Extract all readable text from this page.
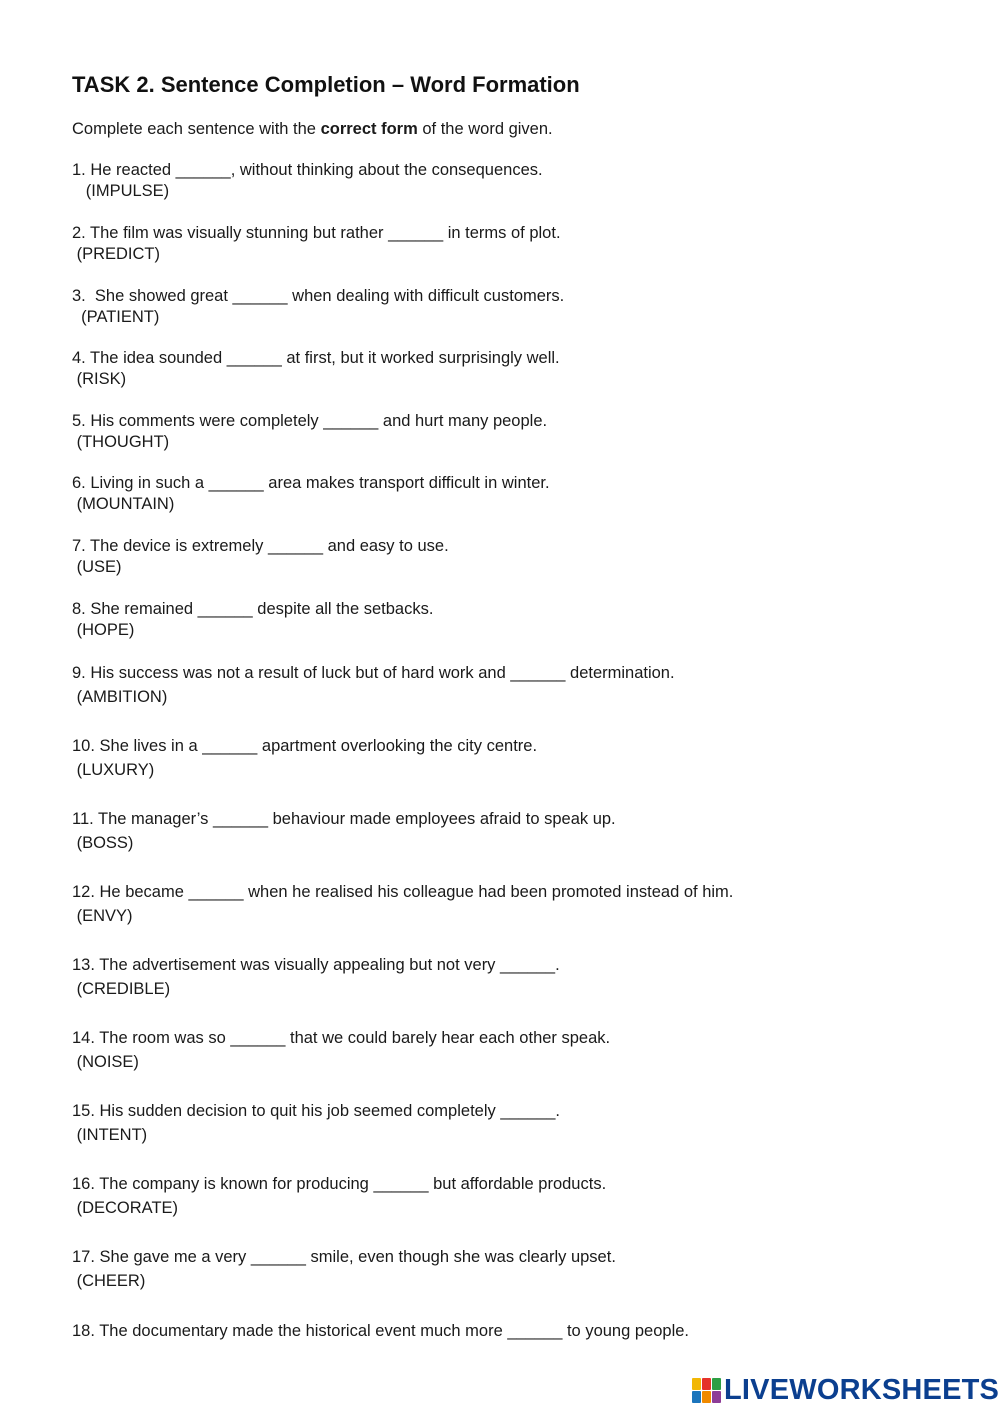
TASK 2. Sentence Completion – Word Formation

Complete each sentence with the correct form of the word given.

1. He reacted ______, without thinking about the consequences.
(IMPULSE)
2. The film was visually stunning but rather ______ in terms of plot.
(PREDICT)
3.  She showed great ______ when dealing with difficult customers.
(PATIENT)
4. The idea sounded ______ at first, but it worked surprisingly well.
(RISK)
5. His comments were completely ______ and hurt many people.
(THOUGHT)
6. Living in such a ______ area makes transport difficult in winter.
(MOUNTAIN)
7. The device is extremely ______ and easy to use.
(USE)
8. She remained ______ despite all the setbacks.
(HOPE)
9. His success was not a result of luck but of hard work and ______ determination.
(AMBITION)
10. She lives in a ______ apartment overlooking the city centre.
(LUXURY)
11. The manager’s ______ behaviour made employees afraid to speak up.
(BOSS)
12. He became ______ when he realised his colleague had been promoted instead of him.
(ENVY)
13. The advertisement was visually appealing but not very ______.
(CREDIBLE)
14. The room was so ______ that we could barely hear each other speak.
(NOISE)
15. His sudden decision to quit his job seemed completely ______.
(INTENT)
16. The company is known for producing ______ but affordable products.
(DECORATE)
17. She gave me a very ______ smile, even though she was clearly upset.
(CHEER)
18. The documentary made the historical event much more ______ to young people.
LIVEWORKSHEETS
